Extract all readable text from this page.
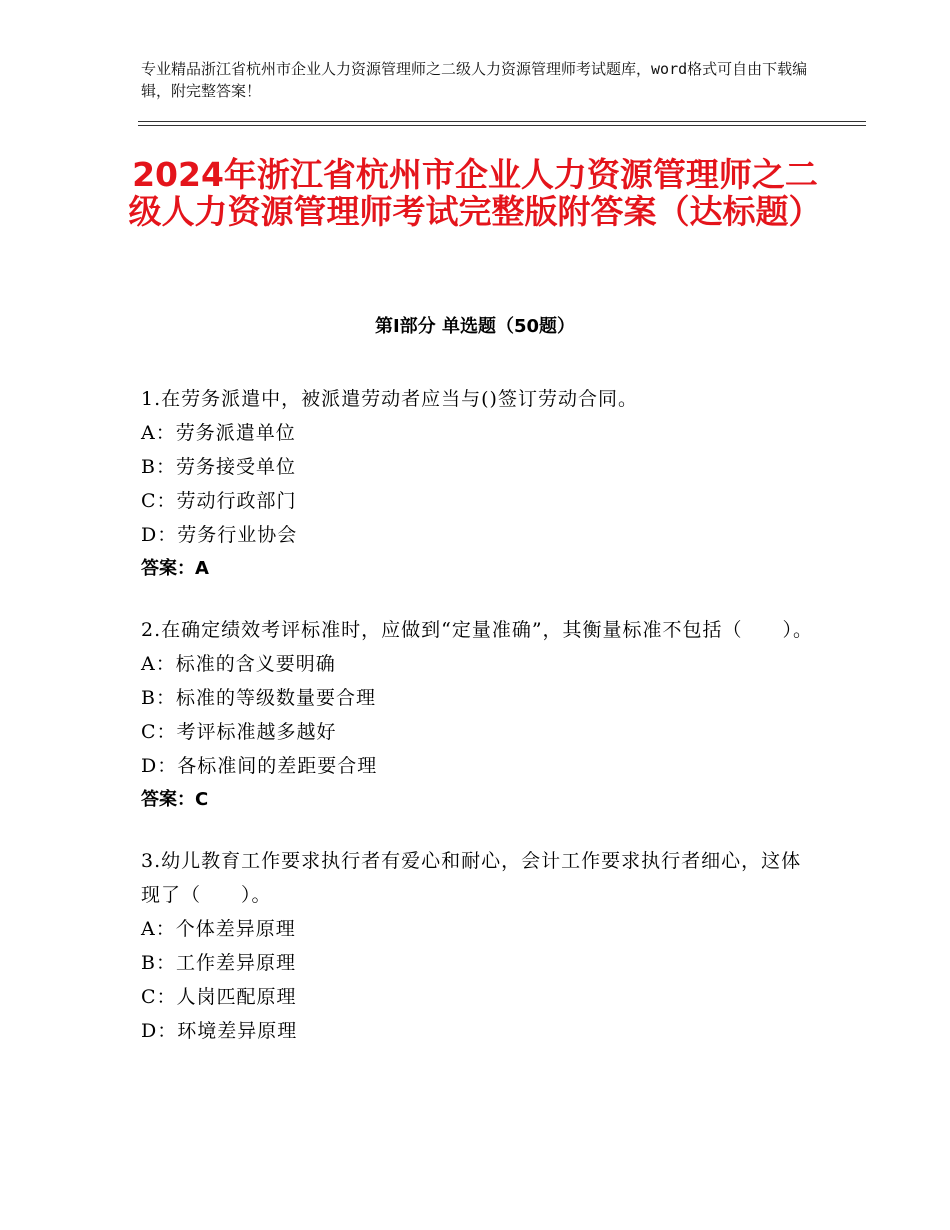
专业精品浙江省杭州市企业人力资源管理师之二级人力资源管理师考试题库，word格式可自由下载编辑，附完整答案！
2024年浙江省杭州市企业人力资源管理师之二级人力资源管理师考试完整版附答案（达标题）
第Ⅰ部分 单选题（50题）
1.在劳务派遣中，被派遣劳动者应当与()签订劳动合同。
A：劳务派遣单位
B：劳务接受单位
C：劳动行政部门
D：劳务行业协会
答案：A
2.在确定绩效考评标准时，应做到“定量准确”，其衡量标准不包括（　　）。
A：标准的含义要明确
B：标准的等级数量要合理
C：考评标准越多越好
D：各标准间的差距要合理
答案：C
3.幼儿教育工作要求执行者有爱心和耐心，会计工作要求执行者细心，这体现了（　　）。
A：个体差异原理
B：工作差异原理
C：人岗匹配原理
D：环境差异原理
